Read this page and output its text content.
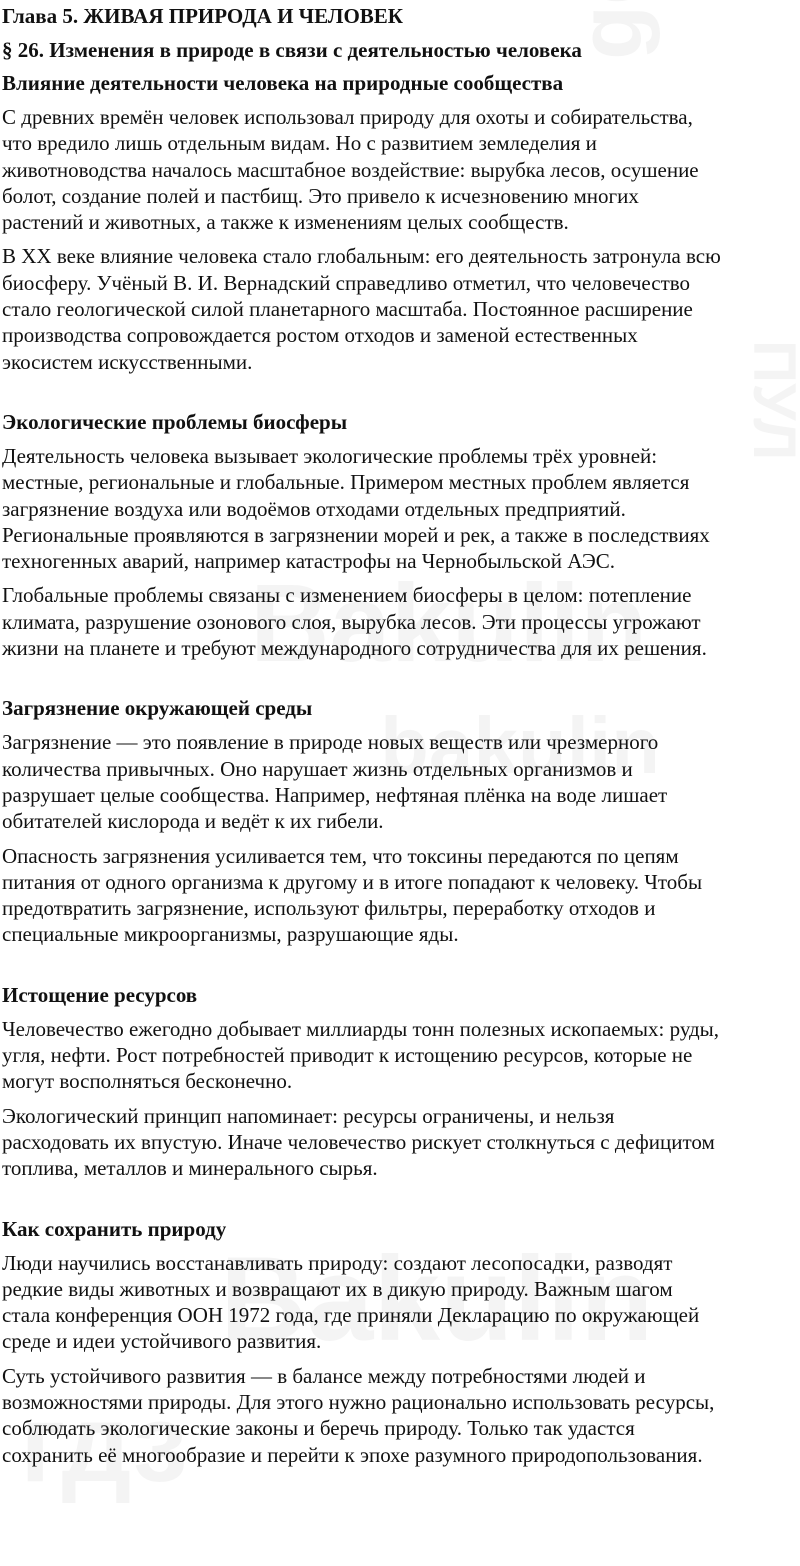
Глава 5. ЖИВАЯ ПРИРОДА И ЧЕЛОВЕК
§ 26. Изменения в природе в связи с деятельностью человека
Влияние деятельности человека на природные сообщества

С древних времён человек использовал природу для охоты и собирательства,
что вредило лишь отдельным видам. Но с развитием земледелия и
животноводства началось масштабное воздействие: вырубка лесов, осушение
болот, создание полей и пастбищ. Это привело к исчезновению многих
растений и животных, а также к изменениям целых сообществ.

В XX веке влияние человека стало глобальным: его деятельность затронула всю
биосферу. Учёный В. И. Вернадский справедливо отметил, что человечество
стало геологической силой планетарного масштаба. Постоянное расширение
производства сопровождается ростом отходов и заменой естественных
экосистем искусственными.

Экологические проблемы биосферы

Деятельность человека вызывает экологические проблемы трёх уровней:
местные, региональные и глобальные. Примером местных проблем является
загрязнение воздуха или водоёмов отходами отдельных предприятий.
Региональные проявляются в загрязнении морей и рек, а также в последствиях
техногенных аварий, например катастрофы на Чернобыльской АЭС.

Глобальные проблемы связаны с изменением биосферы в целом: потепление
климата, разрушение озонового слоя, вырубка лесов. Эти процессы угрожают
жизни на планете и требуют международного сотрудничества для их решения.

Загрязнение окружающей среды

Загрязнение — это появление в природе новых веществ или чрезмерного
количества привычных. Оно нарушает жизнь отдельных организмов и
разрушает целые сообщества. Например, нефтяная плёнка на воде лишает
обитателей кислорода и ведёт к их гибели.

Опасность загрязнения усиливается тем, что токсины передаются по цепям
питания от одного организма к другому и в итоге попадают к человеку. Чтобы
предотвратить загрязнение, используют фильтры, переработку отходов и
специальные микроорганизмы, разрушающие яды.

Истощение ресурсов

Человечество ежегодно добывает миллиарды тонн полезных ископаемых: руды,
угля, нефти. Рост потребностей приводит к истощению ресурсов, которые не
могут восполняться бесконечно.

Экологический принцип напоминает: ресурсы ограничены, и нельзя
расходовать их впустую. Иначе человечество рискует столкнуться с дефицитом
топлива, металлов и минерального сырья.

Как сохранить природу

Люди научились восстанавливать природу: создают лесопосадки, разводят
редкие виды животных и возвращают их в дикую природу. Важным шагом
стала конференция ООН 1972 года, где приняли Декларацию по окружающей
среде и идеи устойчивого развития.

Суть устойчивого развития — в балансе между потребностями людей и
возможностями природы. Для этого нужно рационально использовать ресурсы,
соблюдать экологические законы и беречь природу. Только так удастся
сохранить её многообразие и перейти к эпохе разумного природопользования.
